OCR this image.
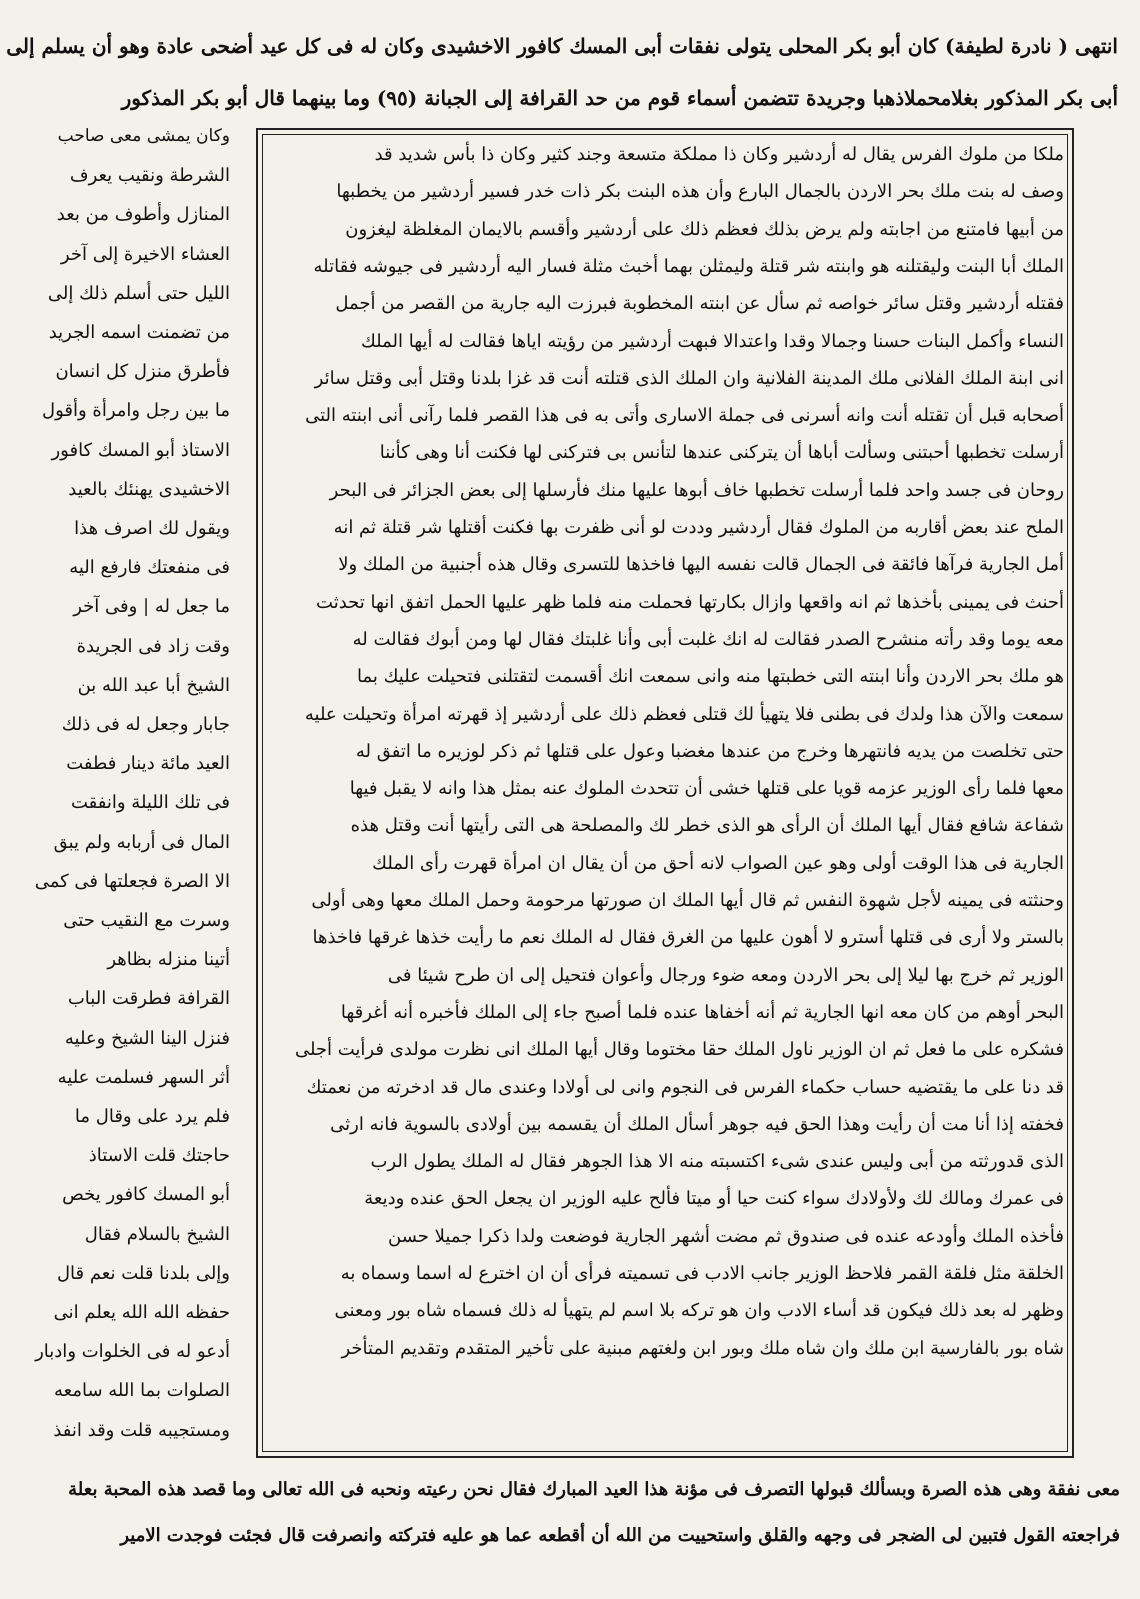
انتهى ( نادرة لطيفة) كان أبو بكر المحلى يتولى نفقات أبى المسك كافور الاخشيدى وكان له فى كل عيد أضحى عادة وهو أن يسلم إلى
أبى بكر المذكور بغلامحملاذهبا وجريدة تتضمن أسماء قوم من حد القرافة إلى الجبانة (٩٥) وما بينهما قال أبو بكر المذكور
ملكا من ملوك الفرس يقال له أردشير وكان ذا مملكة متسعة وجند كثير وكان ذا بأس شديد قد
وصف له بنت ملك بحر الاردن بالجمال البارع وأن هذه البنت بكر ذات خدر فسير أردشير من يخطبها
من أبيها فامتنع من اجابته ولم يرض بذلك فعظم ذلك على أردشير وأقسم بالايمان المغلظة ليغزون
الملك أبا البنت وليقتلنه هو وابنته شر قتلة وليمثلن بهما أخبث مثلة فسار اليه أردشير فى جيوشه فقاتله
فقتله أردشير وقتل سائر خواصه ثم سأل عن ابنته المخطوبة فبرزت اليه جارية من القصر من أجمل
النساء وأكمل البنات حسنا وجمالا وقدا واعتدالا فبهت أردشير من رؤيته اياها فقالت له أيها الملك
انى ابنة الملك الفلانى ملك المدينة الفلانية وان الملك الذى قتلته أنت قد غزا بلدنا وقتل أبى وقتل سائر
أصحابه قبل أن تقتله أنت وانه أسرنى فى جملة الاسارى وأتى به فى هذا القصر فلما رآنى أنى ابنته التى
أرسلت تخطبها أحبتنى وسألت أباها أن يتركنى عندها لتأنس بى فتركنى لها فكنت أنا وهى كأننا
روحان فى جسد واحد فلما أرسلت تخطبها خاف أبوها عليها منك فأرسلها إلى بعض الجزائر فى البحر
الملح عند بعض أقاربه من الملوك فقال أردشير وددت لو أنى ظفرت بها فكنت أقتلها شر قتلة ثم انه
أمل الجارية فرآها فائقة فى الجمال قالت نفسه اليها فاخذها للتسرى وقال هذه أجنبية من الملك ولا
أحنث فى يمينى بأخذها ثم انه واقعها وازال بكارتها فحملت منه فلما ظهر عليها الحمل اتفق انها تحدثت
معه يوما وقد رأته منشرح الصدر فقالت له انك غلبت أبى وأنا غلبتك فقال لها ومن أبوك فقالت له
هو ملك بحر الاردن وأنا ابنته التى خطبتها منه وانى سمعت انك أقسمت لتقتلنى فتحيلت عليك بما
سمعت والآن هذا ولدك فى بطنى فلا يتهيأ لك قتلى فعظم ذلك على أردشير إذ قهرته امرأة وتحيلت عليه
حتى تخلصت من يديه فانتهرها وخرج من عندها مغضبا وعول على قتلها ثم ذكر لوزيره ما اتفق له
معها فلما رأى الوزير عزمه قويا على قتلها خشى أن تتحدث الملوك عنه بمثل هذا وانه لا يقبل فيها
شفاعة شافع فقال أيها الملك أن الرأى هو الذى خطر لك والمصلحة هى التى رأيتها أنت وقتل هذه
الجارية فى هذا الوقت أولى وهو عين الصواب لانه أحق من أن يقال ان امرأة قهرت رأى الملك
وحنثته فى يمينه لأجل شهوة النفس ثم قال أيها الملك ان صورتها مرحومة وحمل الملك معها وهى أولى
بالستر ولا أرى فى قتلها أسترو لا أهون عليها من الغرق فقال له الملك نعم ما رأيت خذها غرقها فاخذها
الوزير ثم خرج بها ليلا إلى بحر الاردن ومعه ضوء ورجال وأعوان فتحيل إلى ان طرح شيئا فى
البحر أوهم من كان معه انها الجارية ثم أنه أخفاها عنده فلما أصبح جاء إلى الملك فأخبره أنه أغرقها
فشكره على ما فعل ثم ان الوزير ناول الملك حقا مختوما وقال أيها الملك انى نظرت مولدى فرأيت أجلى
قد دنا على ما يقتضيه حساب حكماء الفرس فى النجوم وانى لى أولادا وعندى مال قد ادخرته من نعمتك
فخفته إذا أنا مت أن رأيت وهذا الحق فيه جوهر أسأل الملك أن يقسمه بين أولادى بالسوية فانه ارثى
الذى قدورثته من أبى وليس عندى شىء اكتسبته منه الا هذا الجوهر فقال له الملك يطول الرب
فى عمرك ومالك لك ولأولادك سواء كنت حيا أو ميتا فألح عليه الوزير ان يجعل الحق عنده وديعة
فأخذه الملك وأودعه عنده فى صندوق ثم مضت أشهر الجارية فوضعت ولدا ذكرا جميلا حسن
الخلقة مثل فلقة القمر فلاحظ الوزير جانب الادب فى تسميته فرأى أن ان اخترع له اسما وسماه به
وظهر له بعد ذلك فيكون قد أساء الادب وان هو تركه بلا اسم لم يتهيأ له ذلك فسماه شاه بور ومعنى
شاه بور بالفارسية ابن ملك وان شاه ملك وبور ابن ولغتهم مبنية على تأخير المتقدم وتقديم المتأخر
وكان يمشى معى صاحب
الشرطة ونقيب يعرف
المنازل وأطوف من بعد
العشاء الاخيرة إلى آخر
الليل حتى أسلم ذلك إلى
من تضمنت اسمه الجريد
فأطرق منزل كل انسان
ما بين رجل وامرأة وأقول
الاستاذ أبو المسك كافور
الاخشيدى يهنئك بالعيد
ويقول لك اصرف هذا
فى منفعتك فارفع اليه
ما جعل له | وفى آخر
وقت زاد فى الجريدة
الشيخ أبا عبد الله بن
جابار وجعل له فى ذلك
العيد مائة دينار فطفت
فى تلك الليلة وانفقت
المال فى أربابه ولم يبق
الا الصرة فجعلتها فى كمى
وسرت مع النقيب حتى
أتينا منزله بظاهر
القرافة فطرقت الباب
فنزل الينا الشيخ وعليه
أثر السهر فسلمت عليه
فلم يرد على وقال ما
حاجتك قلت الاستاذ
أبو المسك كافور يخص
الشيخ بالسلام فقال
وإلى بلدنا قلت نعم قال
حفظه الله الله يعلم انى
أدعو له فى الخلوات وادبار
الصلوات بما الله سامعه
ومستجيبه قلت وقد انفذ
معى نفقة وهى هذه الصرة وبسألك قبولها التصرف فى مؤنة هذا العيد المبارك فقال نحن رعيته ونحبه فى الله تعالى وما قصد هذه المحبة بعلة
فراجعته القول فتبين لى الضجر فى وجهه والقلق واستحييت من الله أن أقطعه عما هو عليه فتركته وانصرفت قال فجئت فوجدت الامير
